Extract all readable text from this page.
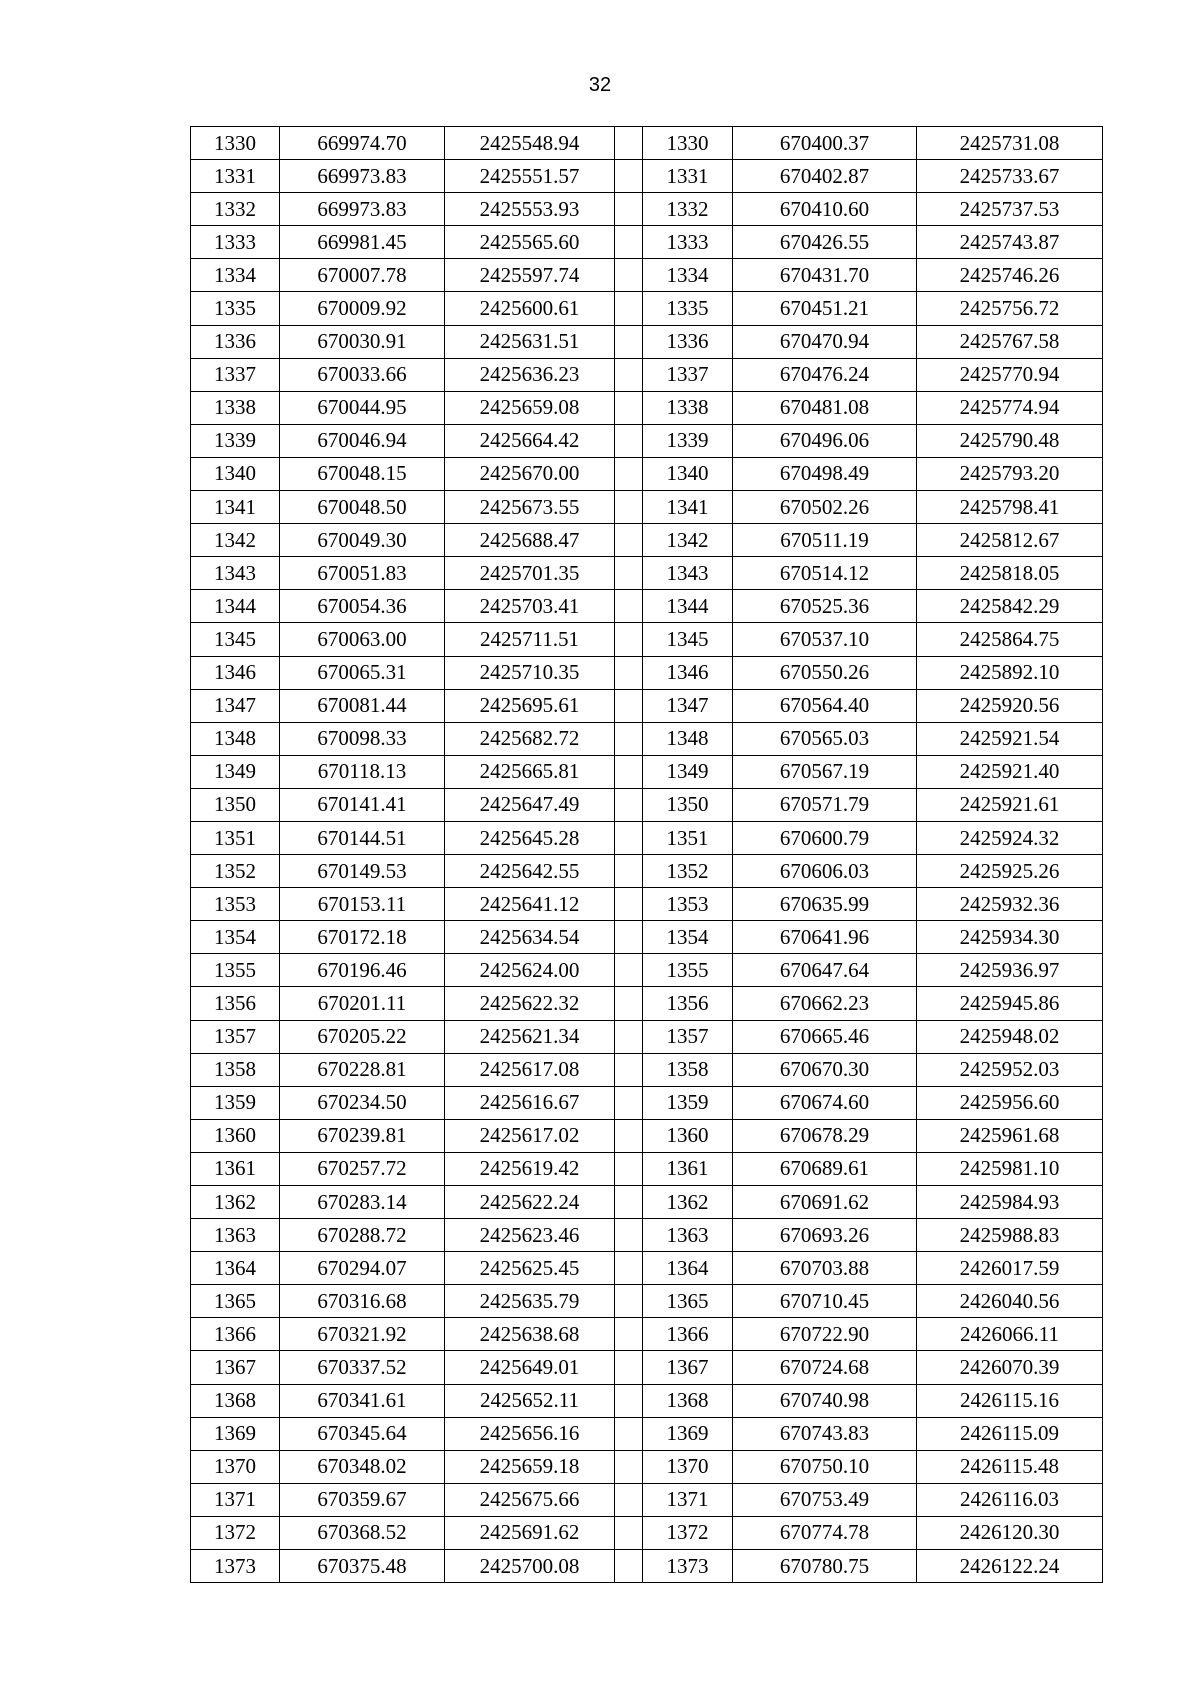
32
1330	669974.70	2425548.94		1330	670400.37	2425731.08
1331	669973.83	2425551.57		1331	670402.87	2425733.67
1332	669973.83	2425553.93		1332	670410.60	2425737.53
1333	669981.45	2425565.60		1333	670426.55	2425743.87
1334	670007.78	2425597.74		1334	670431.70	2425746.26
1335	670009.92	2425600.61		1335	670451.21	2425756.72
1336	670030.91	2425631.51		1336	670470.94	2425767.58
1337	670033.66	2425636.23		1337	670476.24	2425770.94
1338	670044.95	2425659.08		1338	670481.08	2425774.94
1339	670046.94	2425664.42		1339	670496.06	2425790.48
1340	670048.15	2425670.00		1340	670498.49	2425793.20
1341	670048.50	2425673.55		1341	670502.26	2425798.41
1342	670049.30	2425688.47		1342	670511.19	2425812.67
1343	670051.83	2425701.35		1343	670514.12	2425818.05
1344	670054.36	2425703.41		1344	670525.36	2425842.29
1345	670063.00	2425711.51		1345	670537.10	2425864.75
1346	670065.31	2425710.35		1346	670550.26	2425892.10
1347	670081.44	2425695.61		1347	670564.40	2425920.56
1348	670098.33	2425682.72		1348	670565.03	2425921.54
1349	670118.13	2425665.81		1349	670567.19	2425921.40
1350	670141.41	2425647.49		1350	670571.79	2425921.61
1351	670144.51	2425645.28		1351	670600.79	2425924.32
1352	670149.53	2425642.55		1352	670606.03	2425925.26
1353	670153.11	2425641.12		1353	670635.99	2425932.36
1354	670172.18	2425634.54		1354	670641.96	2425934.30
1355	670196.46	2425624.00		1355	670647.64	2425936.97
1356	670201.11	2425622.32		1356	670662.23	2425945.86
1357	670205.22	2425621.34		1357	670665.46	2425948.02
1358	670228.81	2425617.08		1358	670670.30	2425952.03
1359	670234.50	2425616.67		1359	670674.60	2425956.60
1360	670239.81	2425617.02		1360	670678.29	2425961.68
1361	670257.72	2425619.42		1361	670689.61	2425981.10
1362	670283.14	2425622.24		1362	670691.62	2425984.93
1363	670288.72	2425623.46		1363	670693.26	2425988.83
1364	670294.07	2425625.45		1364	670703.88	2426017.59
1365	670316.68	2425635.79		1365	670710.45	2426040.56
1366	670321.92	2425638.68		1366	670722.90	2426066.11
1367	670337.52	2425649.01		1367	670724.68	2426070.39
1368	670341.61	2425652.11		1368	670740.98	2426115.16
1369	670345.64	2425656.16		1369	670743.83	2426115.09
1370	670348.02	2425659.18		1370	670750.10	2426115.48
1371	670359.67	2425675.66		1371	670753.49	2426116.03
1372	670368.52	2425691.62		1372	670774.78	2426120.30
1373	670375.48	2425700.08		1373	670780.75	2426122.24
